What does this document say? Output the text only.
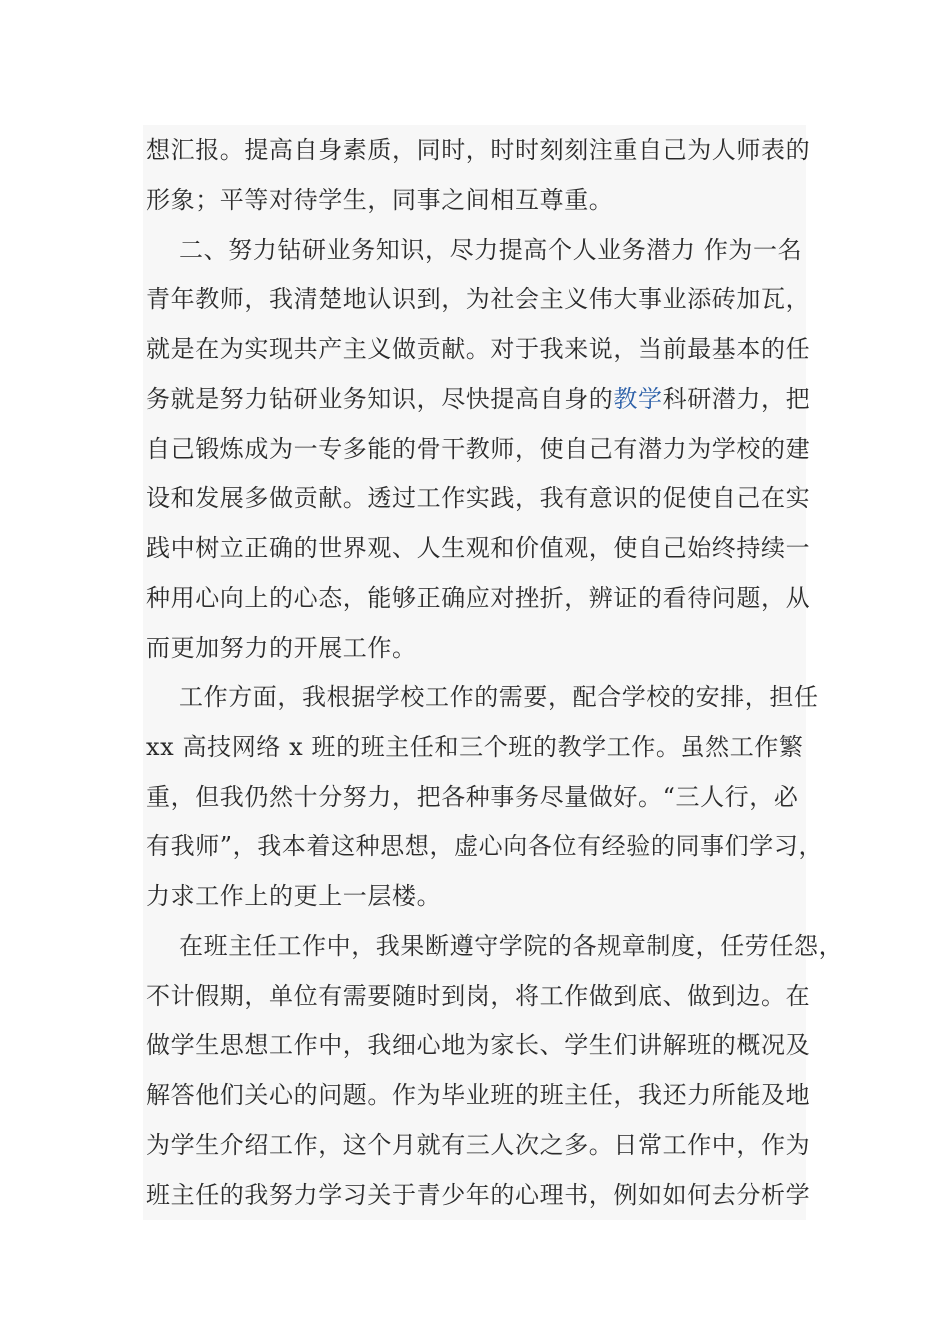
想汇报。提高自身素质，同时，时时刻刻注重自己为人师表的
形象；平等对待学生，同事之间相互尊重。
二、努力钻研业务知识，尽力提高个人业务潜力 作为一名
青年教师，我清楚地认识到，为社会主义伟大事业添砖加瓦，
就是在为实现共产主义做贡献。对于我来说，当前最基本的任
务就是努力钻研业务知识，尽快提高自身的教学科研潜力，把
自己锻炼成为一专多能的骨干教师，使自己有潜力为学校的建
设和发展多做贡献。透过工作实践，我有意识的促使自己在实
践中树立正确的世界观、人生观和价值观，使自己始终持续一
种用心向上的心态，能够正确应对挫折，辨证的看待问题，从
而更加努力的开展工作。
工作方面，我根据学校工作的需要，配合学校的安排，担任
xx 高技网络 x 班的班主任和三个班的教学工作。虽然工作繁
重，但我仍然十分努力，把各种事务尽量做好。“三人行，必
有我师”，我本着这种思想，虚心向各位有经验的同事们学习，
力求工作上的更上一层楼。
在班主任工作中，我果断遵守学院的各规章制度，任劳任怨，
不计假期，单位有需要随时到岗，将工作做到底、做到边。在
做学生思想工作中，我细心地为家长、学生们讲解班的概况及
解答他们关心的问题。作为毕业班的班主任，我还力所能及地
为学生介绍工作，这个月就有三人次之多。日常工作中，作为
班主任的我努力学习关于青少年的心理书，例如如何去分析学
